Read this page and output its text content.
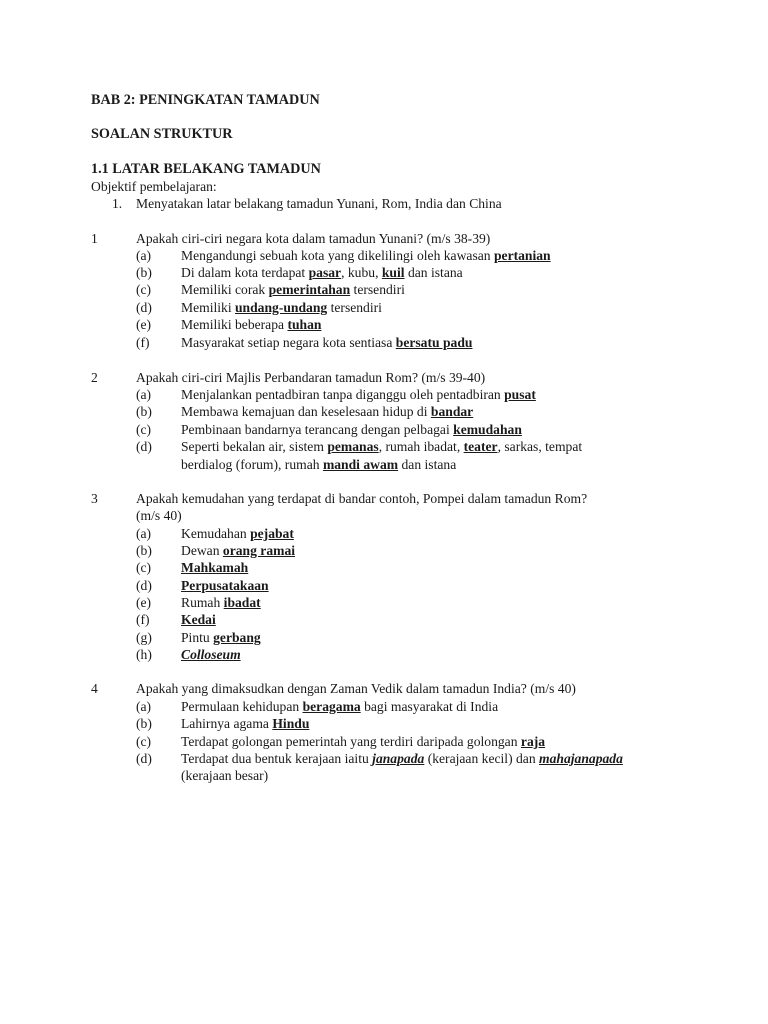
BAB 2: PENINGKATAN TAMADUN
SOALAN STRUKTUR
1.1 LATAR BELAKANG TAMADUN
Objektif pembelajaran:
1. Menyatakan latar belakang tamadun Yunani, Rom, India dan China
1	Apakah ciri-ciri negara kota dalam tamadun Yunani? (m/s 38-39)
(a) Mengandungi sebuah kota yang dikelilingi oleh kawasan pertanian
(b) Di dalam kota terdapat pasar, kubu, kuil dan istana
(c) Memiliki corak pemerintahan tersendiri
(d) Memiliki undang-undang tersendiri
(e) Memiliki beberapa tuhan
(f) Masyarakat setiap negara kota sentiasa bersatu padu
2	Apakah ciri-ciri Majlis Perbandaran tamadun Rom? (m/s 39-40)
(a) Menjalankan pentadbiran tanpa diganggu oleh pentadbiran pusat
(b) Membawa kemajuan dan keselesaan hidup di bandar
(c) Pembinaan bandarnya terancang dengan pelbagai kemudahan
(d) Seperti bekalan air, sistem pemanas, rumah ibadat, teater, sarkas, tempat
berdialog (forum), rumah mandi awam dan istana
3	Apakah kemudahan yang terdapat di bandar contoh, Pompei dalam tamadun Rom?
(m/s 40)
(a) Kemudahan pejabat
(b) Dewan orang ramai
(c) Mahkamah
(d) Perpusatakaan
(e) Rumah ibadat
(f) Kedai
(g) Pintu gerbang
(h) Colloseum
4	Apakah yang dimaksudkan dengan Zaman Vedik dalam tamadun India? (m/s 40)
(a) Permulaan kehidupan beragama bagi masyarakat di India
(b) Lahirnya agama Hindu
(c) Terdapat golongan pemerintah yang terdiri daripada golongan raja
(d) Terdapat dua bentuk kerajaan iaitu janapada (kerajaan kecil) dan mahajanapada
(kerajaan besar)
